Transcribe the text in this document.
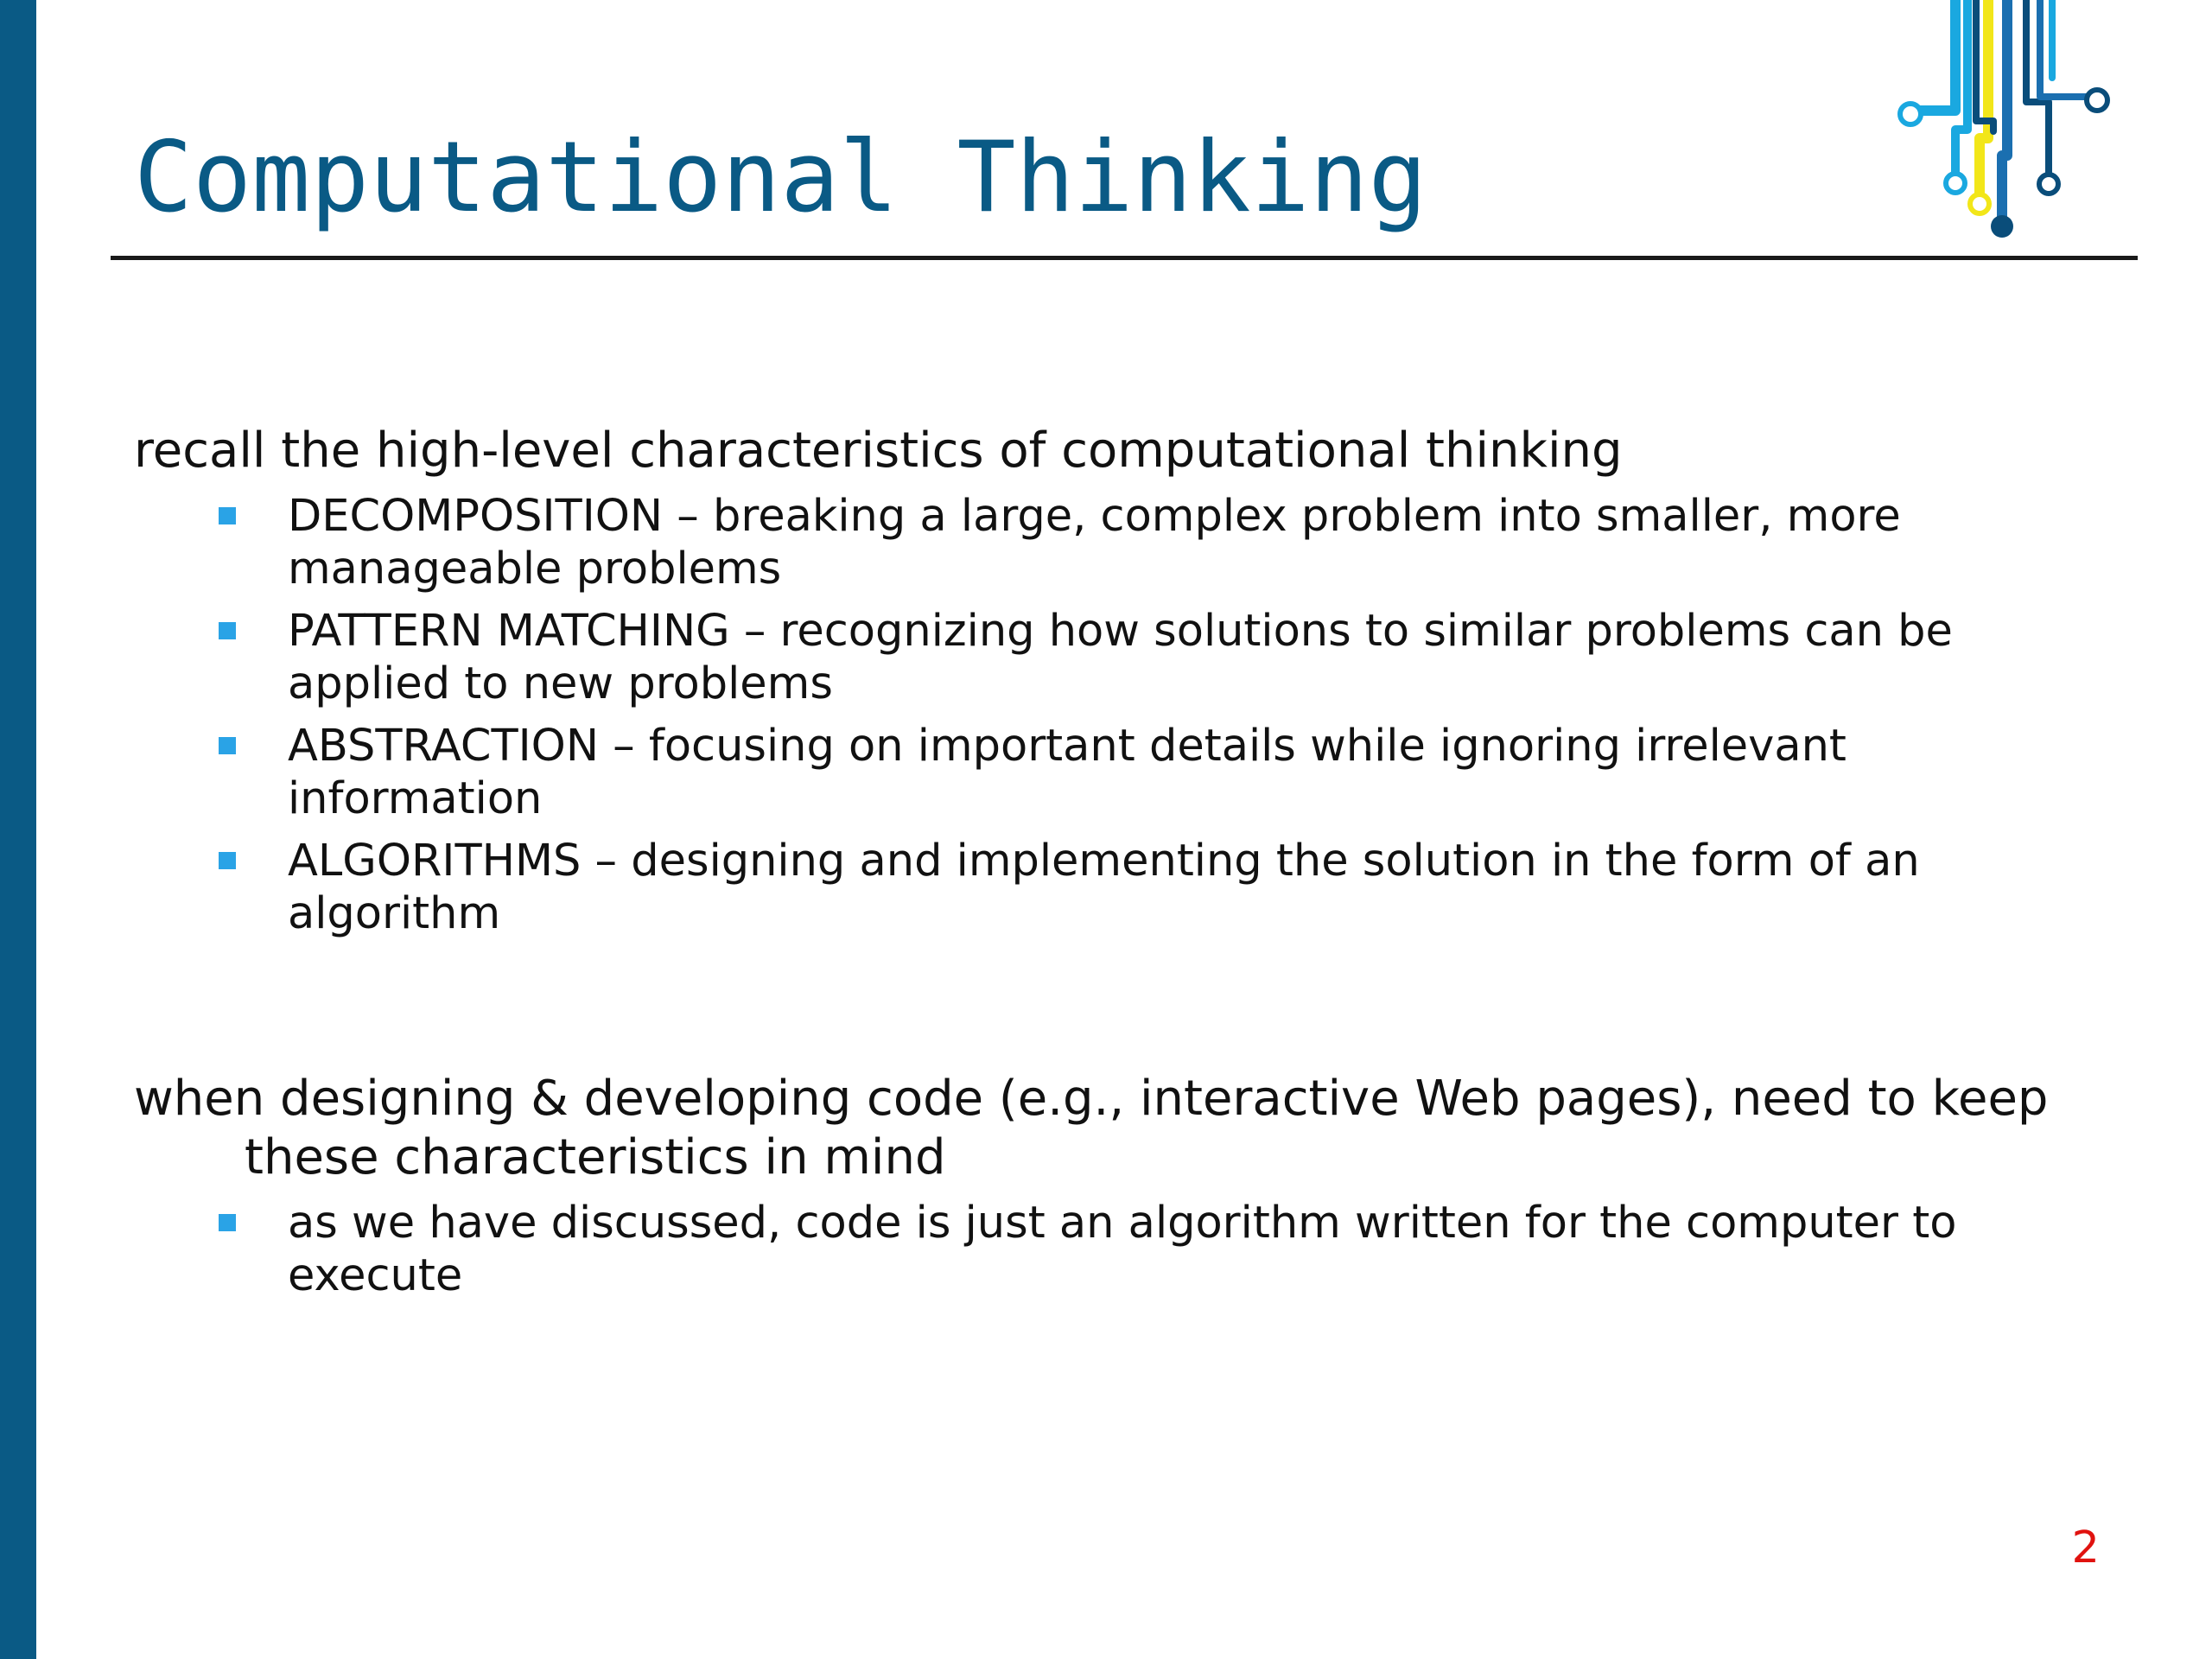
Computational Thinking

recall the high-level characteristics of computational thinking

DECOMPOSITION – breaking a large, complex problem into smaller, more manageable problems
PATTERN MATCHING – recognizing how solutions to similar problems can be applied to new problems
ABSTRACTION – focusing on important details while ignoring irrelevant information
ALGORITHMS – designing and implementing the solution in the form of an algorithm

when designing & developing code (e.g., interactive Web pages), need to keep these characteristics in mind

as we have discussed, code is just an algorithm written for the computer to execute
2
